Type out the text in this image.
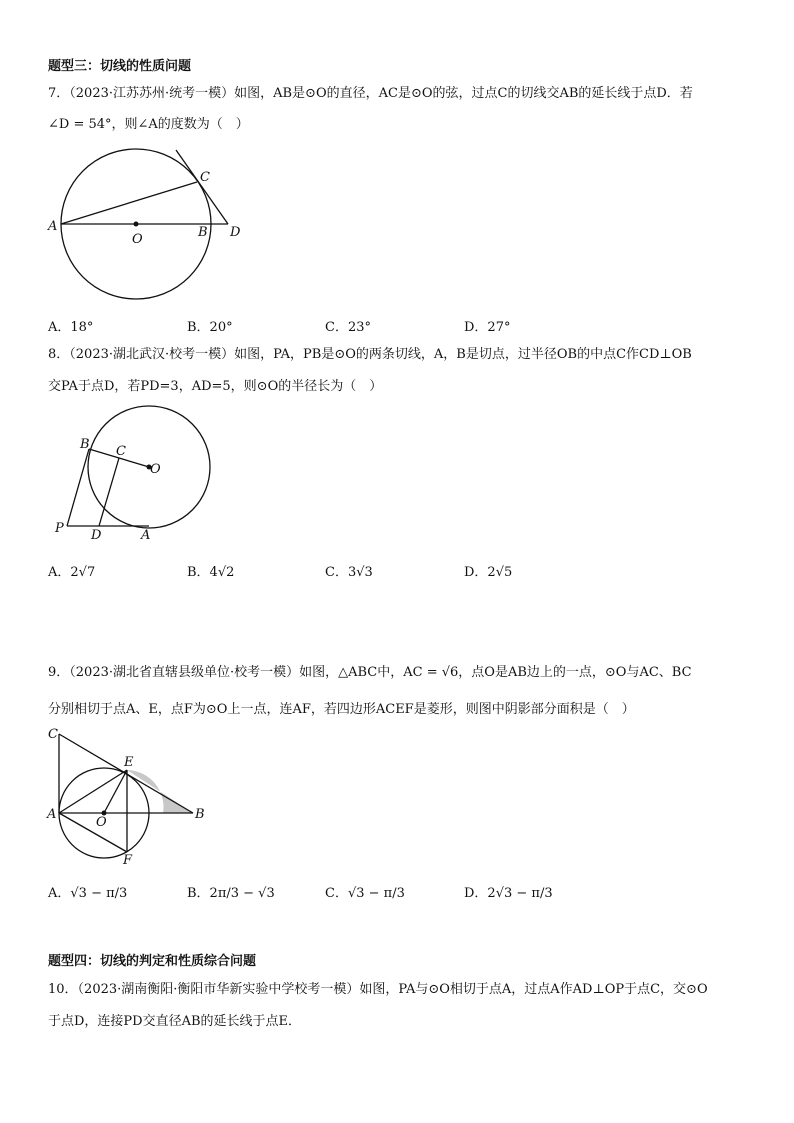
题型三：切线的性质问题
7．（2023·江苏苏州·统考一模）如图，AB是⊙O的直径，AC是⊙O的弦，过点C的切线交AB的延长线于点D．若
∠D = 54°，则∠A的度数为（　）
A
O	B D
C
A．18°	B．20°	C．23°	D．27°
8．（2023·湖北武汉·校考一模）如图，PA，PB是⊙O的两条切线，A，B是切点，过半径OB的中点C作CD⊥OB
交PA于点D，若PD=3，AD=5，则⊙O的半径长为（　）
B C
O
P D	A
A．2√7	B．4√2	C．3√3	D．2√5
9．（2023·湖北省直辖县级单位·校考一模）如图，△ABC中，AC = √6，点O是AB边上的一点，⊙O与AC、BC
分别相切于点A、E，点F为⊙O上一点，连AF，若四边形ACEF是菱形，则图中阴影部分面积是（　）
C
E
A
O
B
F
A．√3 − π/3	B．2π/3 − √3	C．√3 − π/3	D．2√3 − π/3
题型四：切线的判定和性质综合问题
10．（2023·湖南衡阳·衡阳市华新实验中学校考一模）如图，PA与⊙O相切于点A，过点A作AD⊥OP于点C，交⊙O
于点D，连接PD交直径AB的延长线于点E．
